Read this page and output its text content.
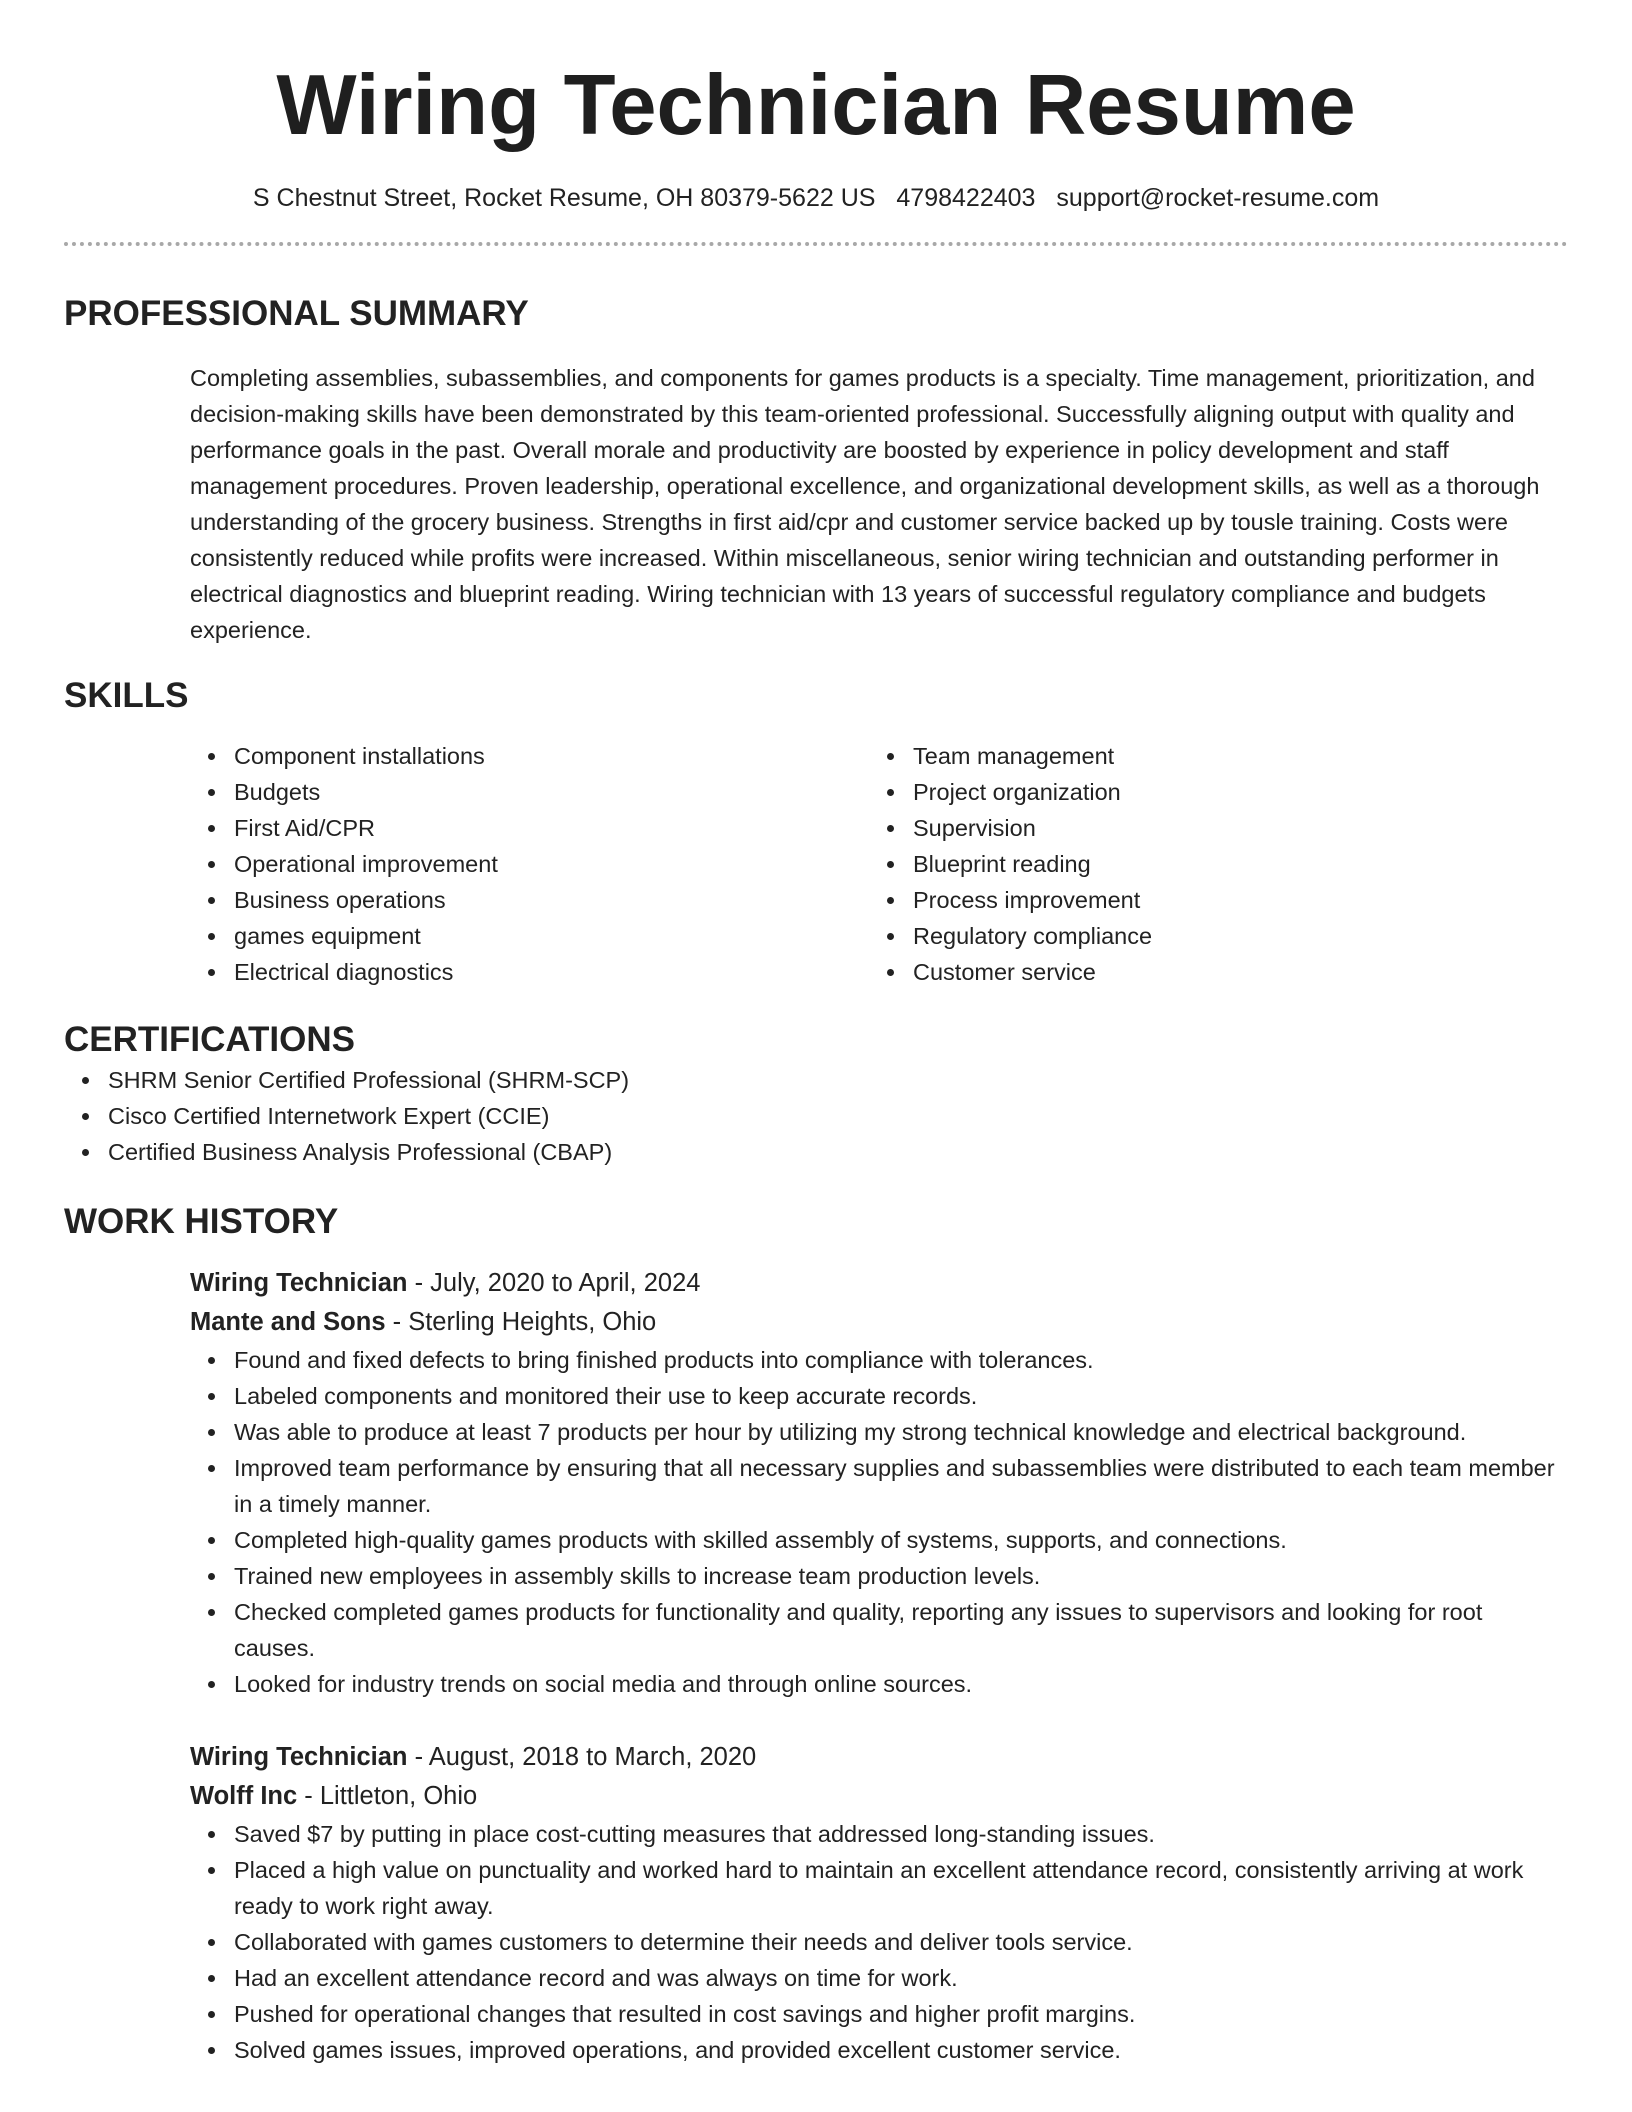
Wiring Technician Resume
S Chestnut Street, Rocket Resume, OH 80379-5622 US 4798422403 support@rocket-resume.com
PROFESSIONAL SUMMARY

Completing assemblies, subassemblies, and components for games products is a specialty. Time management, prioritization, and decision-making skills have been demonstrated by this team-oriented professional. Successfully aligning output with quality and performance goals in the past. Overall morale and productivity are boosted by experience in policy development and staff management procedures. Proven leadership, operational excellence, and organizational development skills, as well as a thorough understanding of the grocery business. Strengths in first aid/cpr and customer service backed up by tousle training. Costs were consistently reduced while profits were increased. Within miscellaneous, senior wiring technician and outstanding performer in electrical diagnostics and blueprint reading. Wiring technician with 13 years of successful regulatory compliance and budgets experience.

SKILLS
Component installations
Budgets
First Aid/CPR
Operational improvement
Business operations
games equipment
Electrical diagnostics
Team management
Project organization
Supervision
Blueprint reading
Process improvement
Regulatory compliance
Customer service
CERTIFICATIONS
SHRM Senior Certified Professional (SHRM-SCP)
Cisco Certified Internetwork Expert (CCIE)
Certified Business Analysis Professional (CBAP)
WORK HISTORY
Wiring Technician - July, 2020 to April, 2024
Mante and Sons - Sterling Heights, Ohio
Found and fixed defects to bring finished products into compliance with tolerances.
Labeled components and monitored their use to keep accurate records.
Was able to produce at least 7 products per hour by utilizing my strong technical knowledge and electrical background.
Improved team performance by ensuring that all necessary supplies and subassemblies were distributed to each team member in a timely manner.
Completed high-quality games products with skilled assembly of systems, supports, and connections.
Trained new employees in assembly skills to increase team production levels.
Checked completed games products for functionality and quality, reporting any issues to supervisors and looking for root causes.
Looked for industry trends on social media and through online sources.
Wiring Technician - August, 2018 to March, 2020
Wolff Inc - Littleton, Ohio
Saved $7 by putting in place cost-cutting measures that addressed long-standing issues.
Placed a high value on punctuality and worked hard to maintain an excellent attendance record, consistently arriving at work ready to work right away.
Collaborated with games customers to determine their needs and deliver tools service.
Had an excellent attendance record and was always on time for work.
Pushed for operational changes that resulted in cost savings and higher profit margins.
Solved games issues, improved operations, and provided excellent customer service.
